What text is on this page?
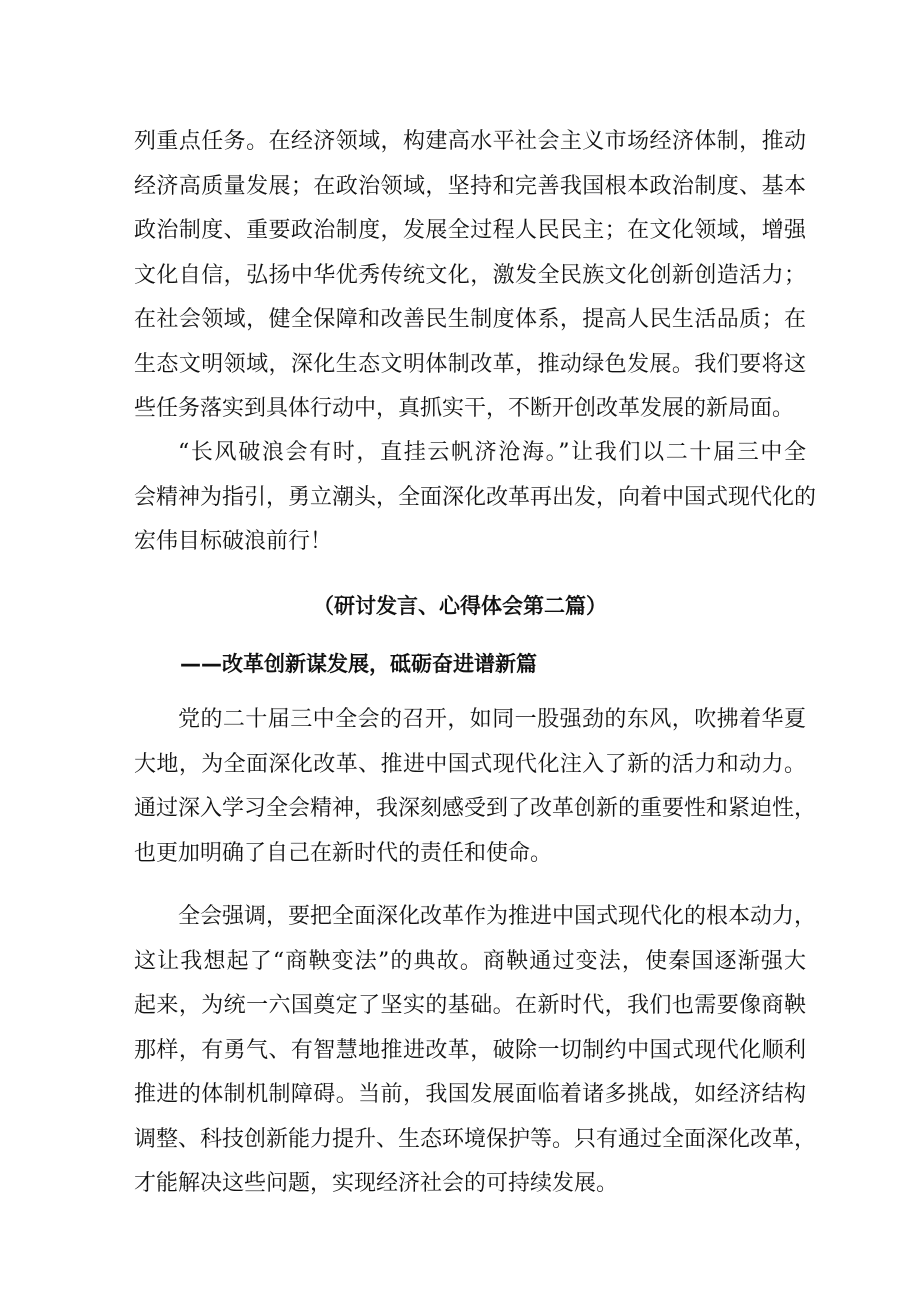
列重点任务。在经济领域，构建高水平社会主义市场经济体制，推动
经济高质量发展；在政治领域，坚持和完善我国根本政治制度、基本
政治制度、重要政治制度，发展全过程人民民主；在文化领域，增强
文化自信，弘扬中华优秀传统文化，激发全民族文化创新创造活力；
在社会领域，健全保障和改善民生制度体系，提高人民生活品质；在
生态文明领域，深化生态文明体制改革，推动绿色发展。我们要将这
些任务落实到具体行动中，真抓实干，不断开创改革发展的新局面。
“长风破浪会有时，直挂云帆济沧海。”让我们以二十届三中全
会精神为指引，勇立潮头，全面深化改革再出发，向着中国式现代化的
宏伟目标破浪前行！
（研讨发言、心得体会第二篇）
——改革创新谋发展，砥砺奋进谱新篇
党的二十届三中全会的召开，如同一股强劲的东风，吹拂着华夏
大地，为全面深化改革、推进中国式现代化注入了新的活力和动力。
通过深入学习全会精神，我深刻感受到了改革创新的重要性和紧迫性，
也更加明确了自己在新时代的责任和使命。
全会强调，要把全面深化改革作为推进中国式现代化的根本动力，
这让我想起了“商鞅变法”的典故。商鞅通过变法，使秦国逐渐强大
起来，为统一六国奠定了坚实的基础。在新时代，我们也需要像商鞅
那样，有勇气、有智慧地推进改革，破除一切制约中国式现代化顺利
推进的体制机制障碍。当前，我国发展面临着诸多挑战，如经济结构
调整、科技创新能力提升、生态环境保护等。只有通过全面深化改革，
才能解决这些问题，实现经济社会的可持续发展。
